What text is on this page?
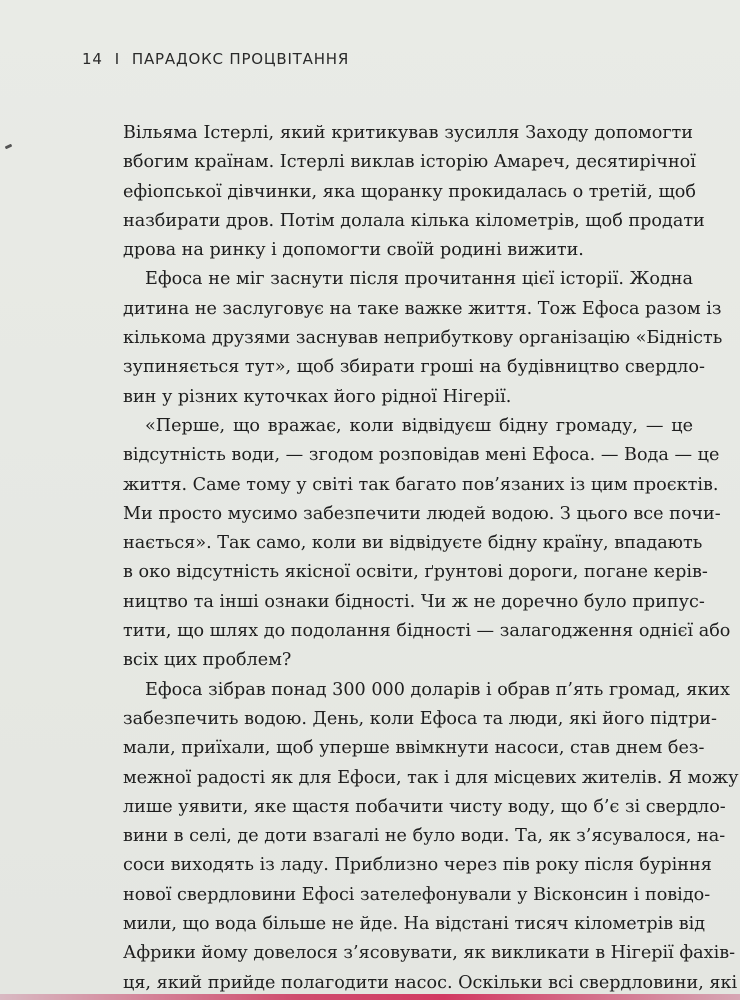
14 І ПАРАДОКС ПРОЦВІТАННЯ
Вільяма Істерлі, який критикував зусилля Заходу допомогти
вбогим країнам. Істерлі виклав історію Амареч, десятирічної
ефіопської дівчинки, яка щоранку прокидалась о третій, щоб
назбирати дров. Потім долала кілька кілометрів, щоб продати
дрова на ринку і допомогти своїй родині вижити.
Ефоса не міг заснути після прочитання цієї історії. Жодна
дитина не заслуговує на таке важке життя. Тож Ефоса разом із
кількома друзями заснував неприбуткову організацію «Бідність
зупиняється тут», щоб збирати гроші на будівництво свердло-
вин у різних куточках його рідної Нігерії.
«Перше, що вражає, коли відвідуєш бідну громаду, — це
відсутність води, — згодом розповідав мені Ефоса. — Вода — це
життя. Саме тому у світі так багато пов’язаних із цим проєктів.
Ми просто мусимо забезпечити людей водою. З цього все почи-
нається». Так само, коли ви відвідуєте бідну країну, впадають
в око відсутність якісної освіти, ґрунтові дороги, погане керів-
ництво та інші ознаки бідності. Чи ж не доречно було припус-
тити, що шлях до подолання бідності — залагодження однієї або
всіх цих проблем?
Ефоса зібрав понад 300 000 доларів і обрав п’ять громад, яких
забезпечить водою. День, коли Ефоса та люди, які його підтри-
мали, приїхали, щоб уперше ввімкнути насоси, став днем без-
межної радості як для Ефоси, так і для місцевих жителів. Я можу
лише уявити, яке щастя побачити чисту воду, що б’є зі свердло-
вини в селі, де доти взагалі не було води. Та, як з’ясувалося, на-
соси виходять із ладу. Приблизно через пів року після буріння
нової свердловини Ефосі зателефонували у Вісконсин і повідо-
мили, що вода більше не йде. На відстані тисяч кілометрів від
Африки йому довелося з’ясовувати, як викликати в Нігерії фахів-
ця, який прийде полагодити насос. Оскільки всі свердловини, які
